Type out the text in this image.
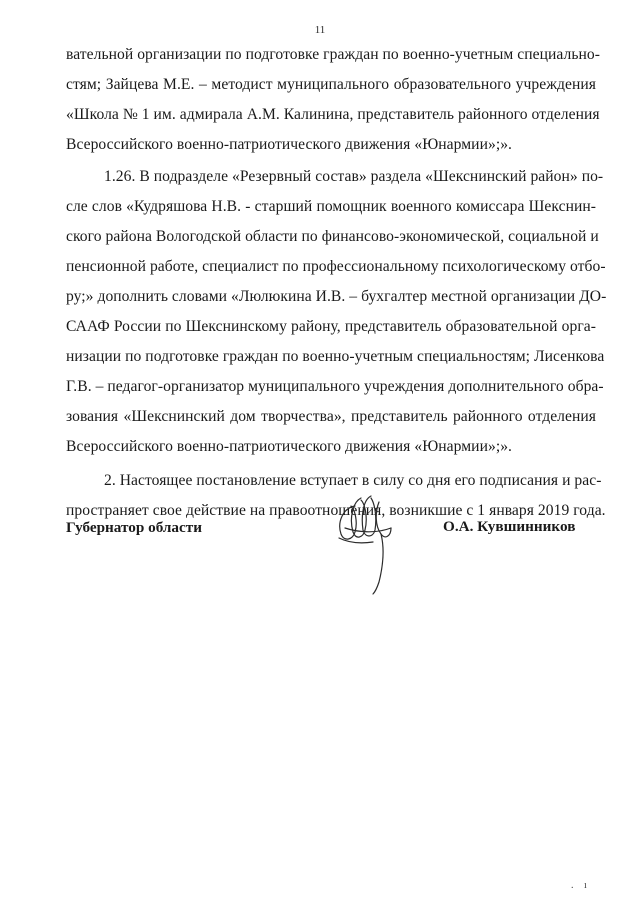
11
вательной организации по подготовке граждан по военно-учетным специально-
стям; Зайцева М.Е. – методист муниципального образовательного учреждения
«Школа № 1 им. адмирала А.М. Калинина, представитель районного отделения
Всероссийского военно-патриотического движения «Юнармии»;».
1.26. В подразделе «Резервный состав» раздела «Шекснинский район» по-
сле слов «Кудряшова Н.В. - старший помощник военного комиссара Шекснин-
ского района Вологодской области по финансово-экономической, социальной и
пенсионной работе, специалист по профессиональному психологическому отбо-
ру;» дополнить словами «Люлюкина И.В. – бухгалтер местной организации ДО-
СААФ России по Шекснинскому району, представитель образовательной орга-
низации по подготовке граждан по военно-учетным специальностям; Лисенкова
Г.В. – педагог-организатор муниципального учреждения дополнительного обра-
зования «Шекснинский дом творчества», представитель районного отделения
Всероссийского военно-патриотического движения «Юнармии»;».
2. Настоящее постановление вступает в силу со дня его подписания и рас-
пространяет свое действие на правоотношения, возникшие с 1 января 2019 года.
Губернатор области	О.А. Кувшинников
. ı
